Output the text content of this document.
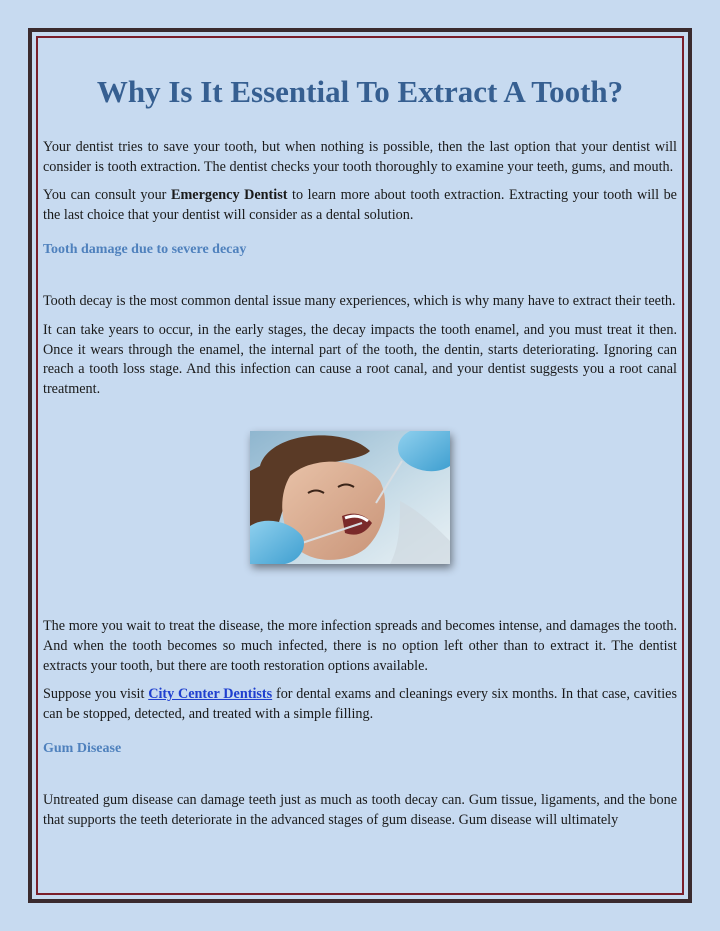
Why Is It Essential To Extract A Tooth?

Your dentist tries to save your tooth, but when nothing is possible, then the last option that your dentist will consider is tooth extraction. The dentist checks your tooth thoroughly to examine your teeth, gums, and mouth.

You can consult your Emergency Dentist to learn more about tooth extraction. Extracting your tooth will be the last choice that your dentist will consider as a dental solution.

Tooth damage due to severe decay

Tooth decay is the most common dental issue many experiences, which is why many have to extract their teeth.

It can take years to occur, in the early stages, the decay impacts the tooth enamel, and you must treat it then. Once it wears through the enamel, the internal part of the tooth, the dentin, starts deteriorating. Ignoring can reach a tooth loss stage. And this infection can cause a root canal, and your dentist suggests you a root canal treatment.

The more you wait to treat the disease, the more infection spreads and becomes intense, and damages the tooth. And when the tooth becomes so much infected, there is no option left other than to extract it. The dentist extracts your tooth, but there are tooth restoration options available.

Suppose you visit City Center Dentists for dental exams and cleanings every six months. In that case, cavities can be stopped, detected, and treated with a simple filling.

Gum Disease

Untreated gum disease can damage teeth just as much as tooth decay can. Gum tissue, ligaments, and the bone that supports the teeth deteriorate in the advanced stages of gum disease. Gum disease will ultimately
